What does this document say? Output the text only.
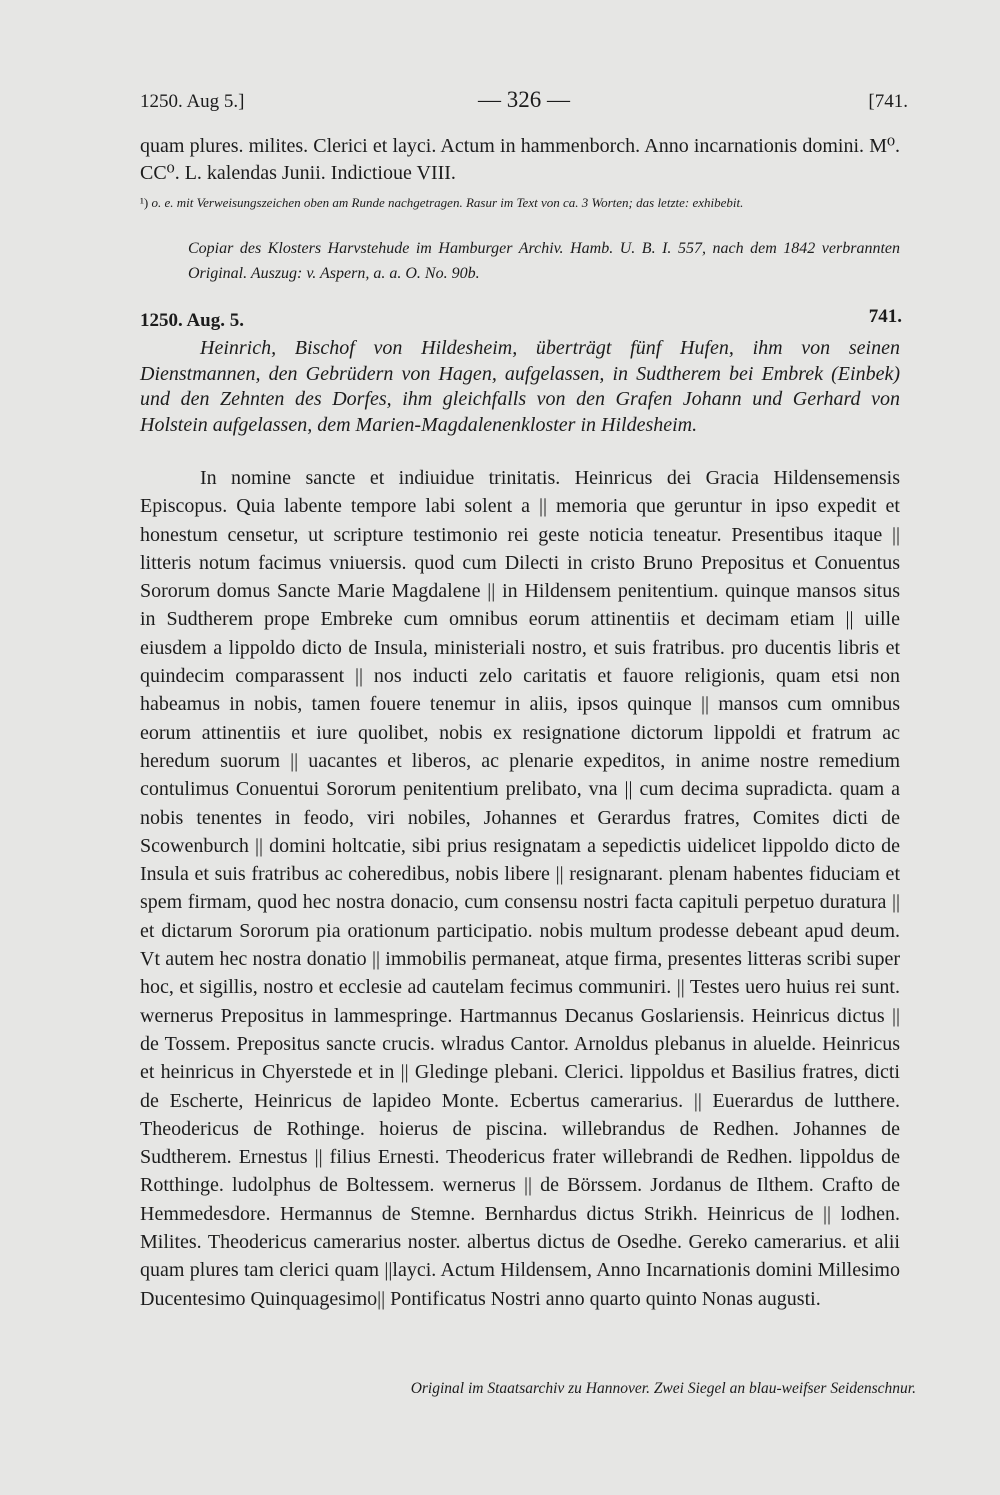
1250. Aug 5.]	— 326 —	[741.

quam plures. milites. Clerici et layci. Actum in hammenborch. Anno incarnationis domini. M⁰. CC⁰. L. kalendas Junii. Indictioue VIII.

¹) o. e. mit Verweisungszeichen oben am Runde nachgetragen. Rasur im Text von ca. 3 Worten; das letzte: exhibebit.
Copiar des Klosters Harvstehude im Hamburger Archiv. Hamb. U. B. I. 557, nach dem 1842 verbrannten Original. Auszug: v. Aspern, a. a. O. No. 90b.
1250. Aug. 5.	741.

Heinrich, Bischof von Hildesheim, überträgt fünf Hufen, ihm von seinen Dienstmannen, den Gebrüdern von Hagen, aufgelassen, in Sudtherem bei Embrek (Einbek) und den Zehnten des Dorfes, ihm gleichfalls von den Grafen Johann und Gerhard von Holstein aufgelassen, dem Marien-Magdalenenkloster in Hildesheim.

In nomine sancte et indiuidue trinitatis. Heinricus dei Gracia Hildensemensis Episcopus. Quia labente tempore labi solent a || memoria que geruntur in ipso expedit et honestum censetur, ut scripture testimonio rei geste noticia teneatur. Presentibus itaque || litteris notum facimus vniuersis. quod cum Dilecti in cristo Bruno Prepositus et Conuentus Sororum domus Sancte Marie Magdalene || in Hildensem penitentium. quinque mansos situs in Sudtherem prope Embreke cum omnibus eorum attinentiis et decimam etiam || uille eiusdem a lippoldo dicto de Insula, ministeriali nostro, et suis fratribus. pro ducentis libris et quindecim comparassent || nos inducti zelo caritatis et fauore religionis, quam etsi non habeamus in nobis, tamen fouere tenemur in aliis, ipsos quinque || mansos cum omnibus eorum attinentiis et iure quolibet, nobis ex resignatione dictorum lippoldi et fratrum ac heredum suorum || uacantes et liberos, ac plenarie expeditos, in anime nostre remedium contulimus Conuentui Sororum penitentium prelibato, vna || cum decima supradicta. quam a nobis tenentes in feodo, viri nobiles, Johannes et Gerardus fratres, Comites dicti de Scowenburch || domini holtcatie, sibi prius resignatam a sepedictis uidelicet lippoldo dicto de Insula et suis fratribus ac coheredibus, nobis libere || resignarant. plenam habentes fiduciam et spem firmam, quod hec nostra donacio, cum consensu nostri facta capituli perpetuo duratura || et dictarum Sororum pia orationum participatio. nobis multum prodesse debeant apud deum. Vt autem hec nostra donatio || immobilis permaneat, atque firma, presentes litteras scribi super hoc, et sigillis, nostro et ecclesie ad cautelam fecimus communiri. || Testes uero huius rei sunt. wernerus Prepositus in lammespringe. Hartmannus Decanus Goslariensis. Heinricus dictus || de Tossem. Prepositus sancte crucis. wlradus Cantor. Arnoldus plebanus in aluelde. Heinricus et heinricus in Chyerstede et in || Gledinge plebani. Clerici. lippoldus et Basilius fratres, dicti de Escherte, Heinricus de lapideo Monte. Ecbertus camerarius. || Euerardus de lutthere. Theodericus de Rothinge. hoierus de piscina. willebrandus de Redhen. Johannes de Sudtherem. Ernestus || filius Ernesti. Theodericus frater willebrandi de Redhen. lippoldus de Rotthinge. ludolphus de Boltessem. wernerus || de Börssem. Jordanus de Ilthem. Crafto de Hemmedesdore. Hermannus de Stemne. Bernhardus dictus Strikh. Heinricus de || lodhen. Milites. Theodericus camerarius noster. albertus dictus de Osedhe. Gereko camerarius. et alii quam plures tam clerici quam ||layci. Actum Hildensem, Anno Incarnationis domini Millesimo Ducentesimo Quinquagesimo|| Pontificatus Nostri anno quarto quinto Nonas augusti.

Original im Staatsarchiv zu Hannover. Zwei Siegel an blau-weifser Seidenschnur.
